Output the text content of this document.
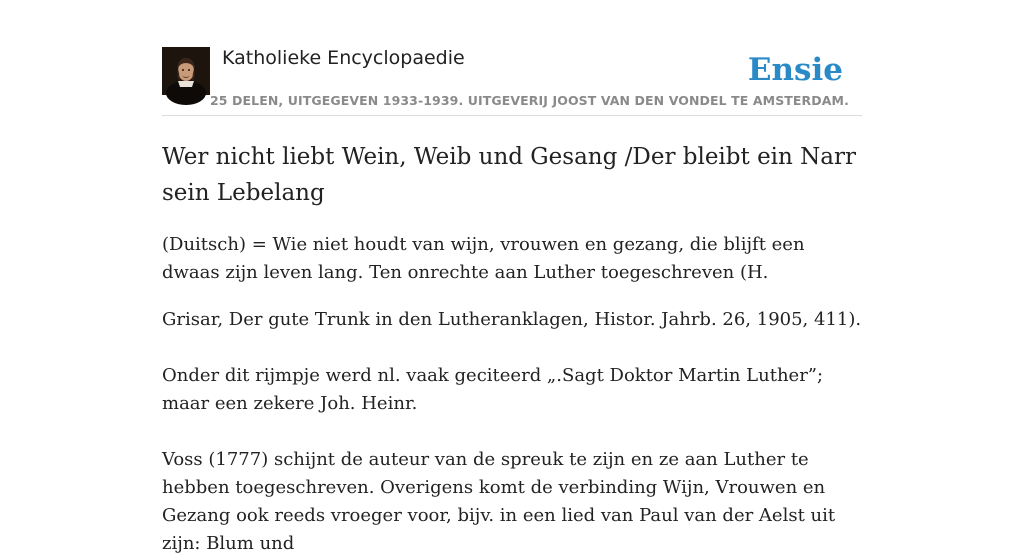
Katholieke Encyclopaedie	Ensie
25 DELEN, UITGEGEVEN 1933-1939. UITGEVERIJ JOOST VAN DEN VONDEL TE AMSTERDAM.
Wer nicht liebt Wein, Weib und Gesang /Der bleibt ein Narr sein Lebelang

(Duitsch) = Wie niet houdt van wijn, vrouwen en gezang, die blijft een dwaas zijn leven lang. Ten onrechte aan Luther toegeschreven (H.

Grisar, Der gute Trunk in den Lutheranklagen, Histor. Jahrb. 26, 1905, 411).

Onder dit rijmpje werd nl. vaak geciteerd „.Sagt Doktor Martin Luther”; maar een zekere Joh. Heinr.

Voss (1777) schijnt de auteur van de spreuk te zijn en ze aan Luther te hebben toegeschreven. Overigens komt de verbinding Wijn, Vrouwen en Gezang ook reeds vroeger voor, bijv. in een lied van Paul van der Aelst uit zijn: Blum und
